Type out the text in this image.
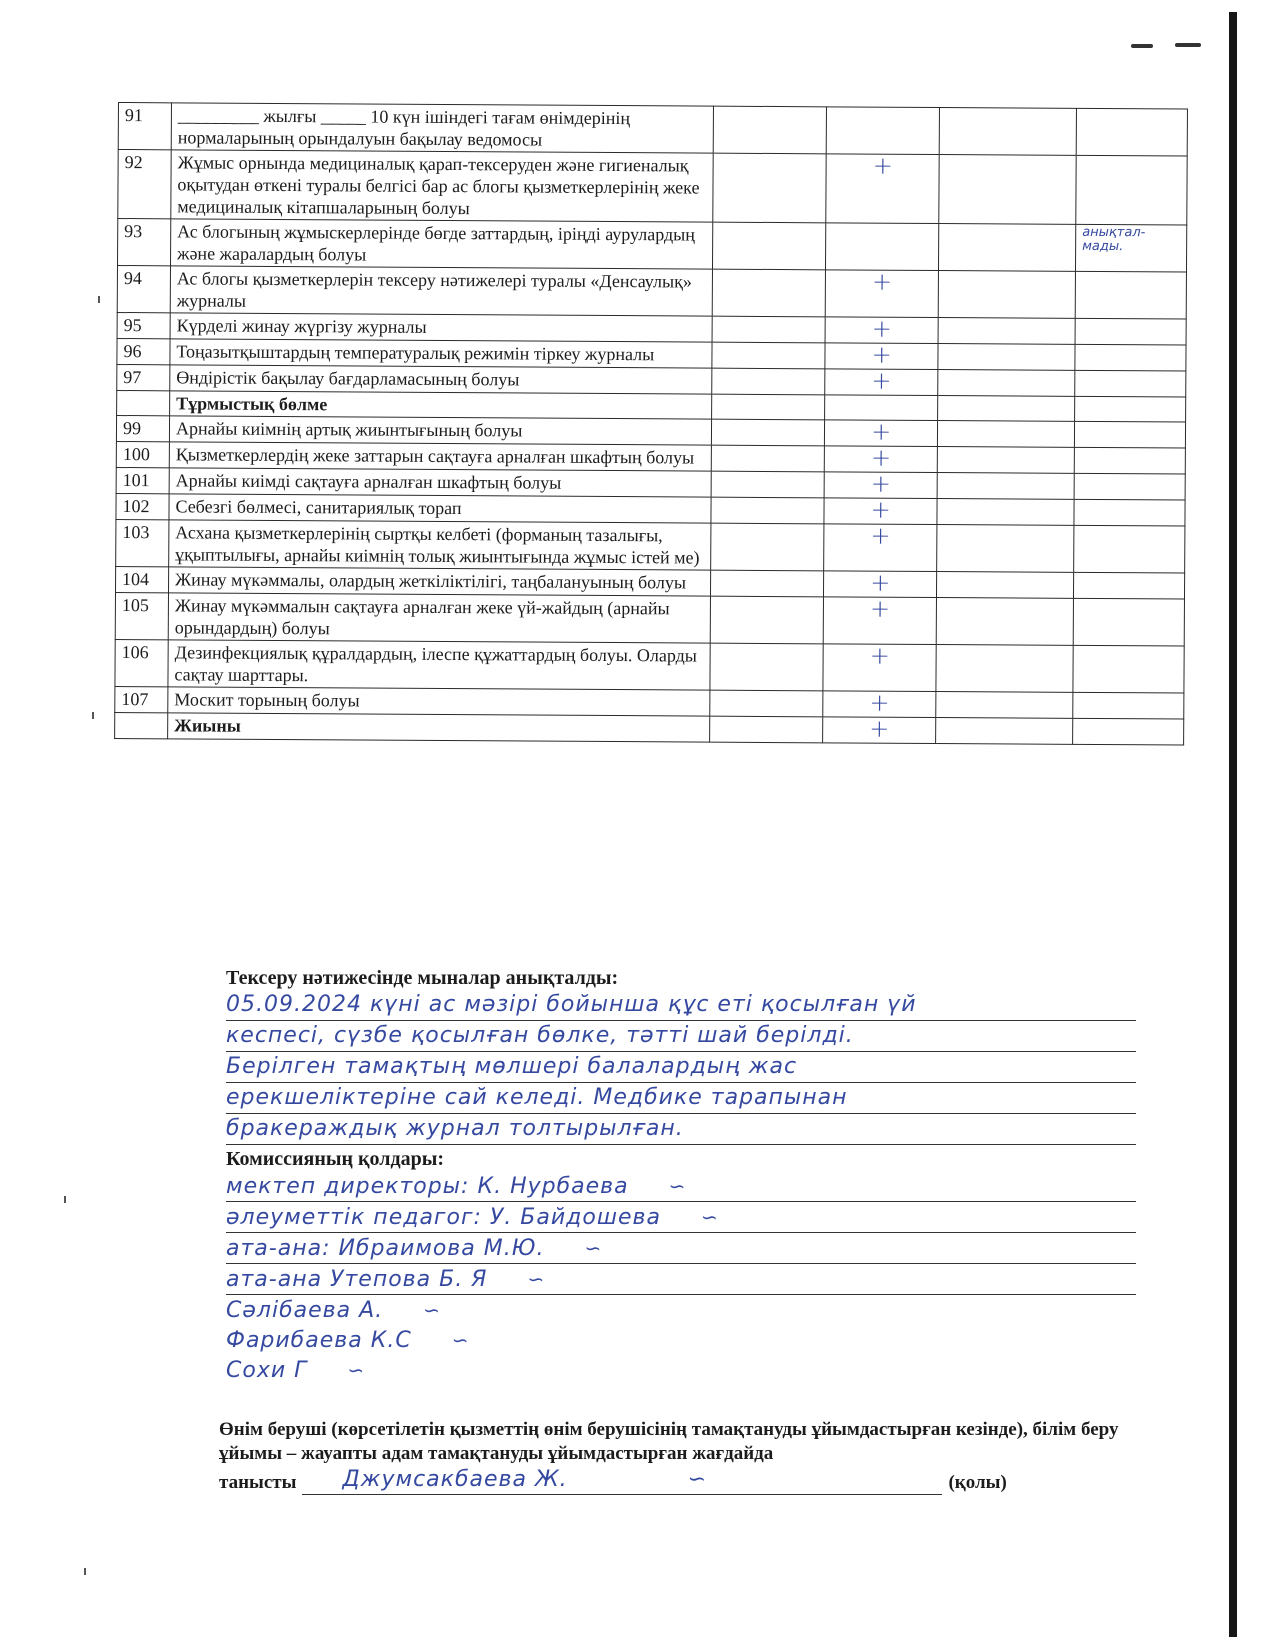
91	_________ жылғы _____ 10 күн ішіндегі тағам өнімдерінің нормаларының орындалуын бақылау ведомосы				
92	Жұмыс орнында медициналық қарап-тексеруден және гигиеналық оқытудан өткені туралы белгісі бар ас блогы қызметкерлерінің жеке медициналық кітапшаларының болуы		+		
93	Ас блогының жұмыскерлерінде бөгде заттардың, іріңді аурулардың және жаралардың болуы				анықтал-мады.

94	Ас блогы қызметкерлерін тексеру нәтижелері туралы «Денсаулық» журналы		+		
95	Күрделі жинау жүргізу журналы		+		
96	Тоңазытқыштардың температуралық режимін тіркеу журналы		+		
97	Өндірістік бақылау бағдарламасының болуы		+		
	Тұрмыстық бөлме				
99	Арнайы киімнің артық жиынтығының болуы		+		
100	Қызметкерлердің жеке заттарын сақтауға арналған шкафтың болуы		+		
101	Арнайы киімді сақтауға арналған шкафтың болуы		+		
102	Себезгі бөлмесі, санитариялық торап		+		
103	Асхана қызметкерлерінің сыртқы келбеті (форманың тазалығы, ұқыптылығы, арнайы киімнің толық жиынтығында жұмыс істей ме)		+		
104	Жинау мүкәммалы, олардың жеткіліктілігі, таңбалануының болуы		+		
105	Жинау мүкәммалын сақтауға арналған жеке үй-жайдың (арнайы орындардың) болуы		+		
106	Дезинфекциялық құралдардың, ілеспе құжаттардың болуы. Оларды сақтау шарттары.		+		
107	Москит торының болуы		+		
	Жиыны		+		
Тексеру нәтижесінде мыналар анықталды:
05.09.2024 күні ас мәзірі бойынша құс еті қосылған үй
кеспесі, сүзбе қосылған бөлке, тәтті шай берілді.
Берілген тамақтың мөлшері балалардың жас
ерекшеліктеріне сай келеді. Медбике тарапынан
бракераждық журнал толтырылған.
Комиссияның қолдары:
мектеп директоры: К. Нурбаева ∽
әлеуметтік педагог: У. Байдошева ∽
ата-ана: Ибраимова М.Ю. ∽
ата-ана Утепова Б. Я ∽
Сәлібаева А. ∽
Фарибаева К.С ∽
Сохи Г ∽
Өнім беруші (көрсетілетін қызметтің өнім берушісінің тамақтануды ұйымдастырған кезінде), білім беру ұйымы – жауапты адам тамақтануды ұйымдастырған жағдайда
танысты	Джумсакбаева Ж.	∽	(қолы)
